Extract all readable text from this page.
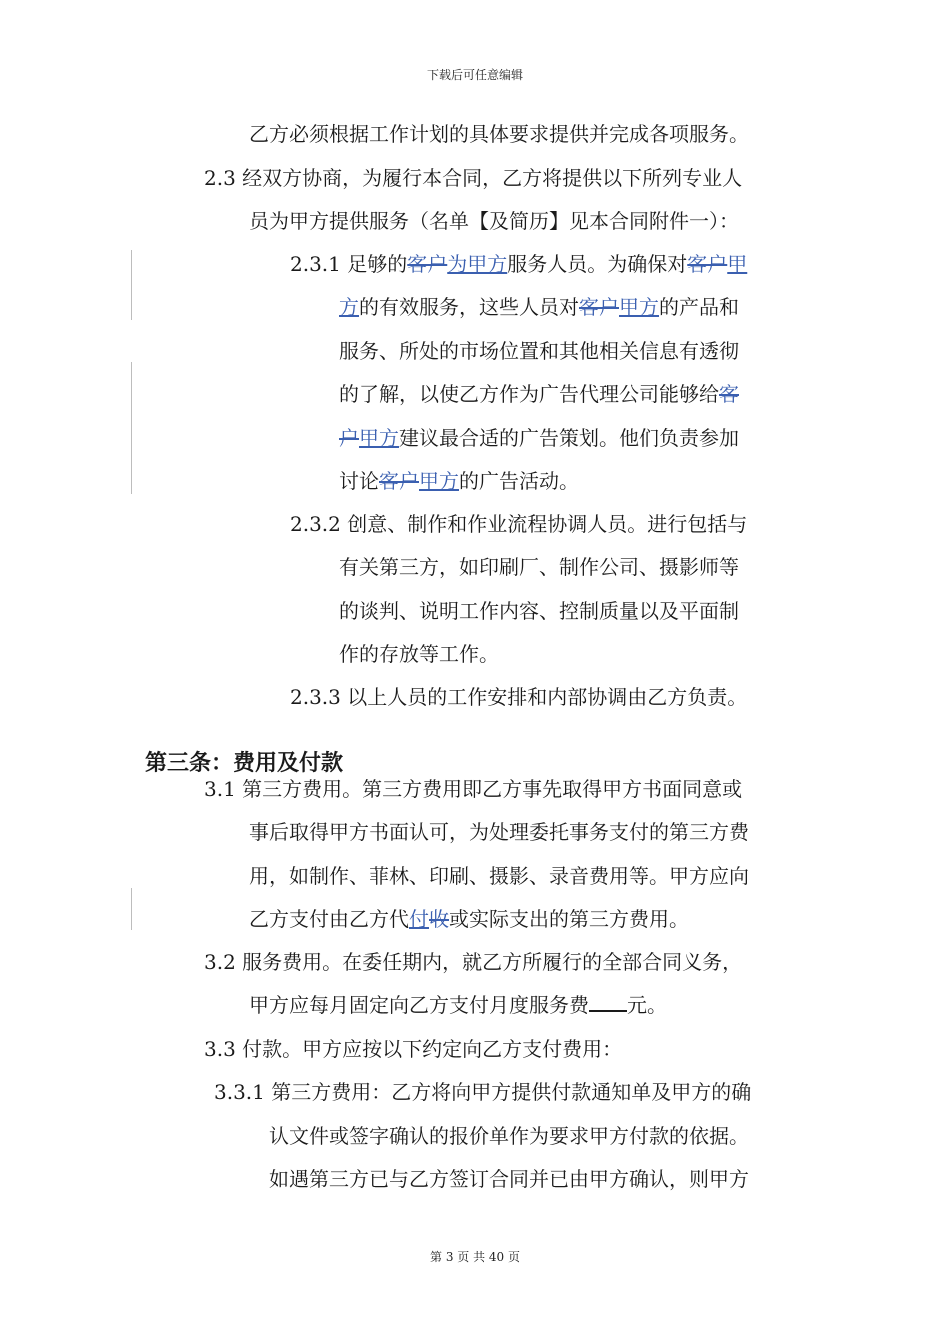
下载后可任意编辑
乙方必须根据工作计划的具体要求提供并完成各项服务。
2.3 经双方协商，为履行本合同，乙方将提供以下所列专业人
员为甲方提供服务（名单【及简历】见本合同附件一）：
2.3.1 足够的客户为甲方服务人员。为确保对客户甲
方的有效服务，这些人员对客户甲方的产品和
服务、所处的市场位置和其他相关信息有透彻
的了解，以使乙方作为广告代理公司能够给客
户甲方建议最合适的广告策划。他们负责参加
讨论客户甲方的广告活动。
2.3.2 创意、制作和作业流程协调人员。进行包括与
有关第三方，如印刷厂、制作公司、摄影师等
的谈判、说明工作内容、控制质量以及平面制
作的存放等工作。
2.3.3 以上人员的工作安排和内部协调由乙方负责。
第三条：费用及付款
3.1 第三方费用。第三方费用即乙方事先取得甲方书面同意或
事后取得甲方书面认可，为处理委托事务支付的第三方费
用，如制作、菲林、印刷、摄影、录音费用等。甲方应向
乙方支付由乙方代付收或实际支出的第三方费用。
3.2 服务费用。在委任期内，就乙方所履行的全部合同义务，
甲方应每月固定向乙方支付月度服务费 元。
3.3 付款。甲方应按以下约定向乙方支付费用：
3.3.1 第三方费用：乙方将向甲方提供付款通知单及甲方的确
认文件或签字确认的报价单作为要求甲方付款的依据。
如遇第三方已与乙方签订合同并已由甲方确认，则甲方
第 3 页 共 40 页
